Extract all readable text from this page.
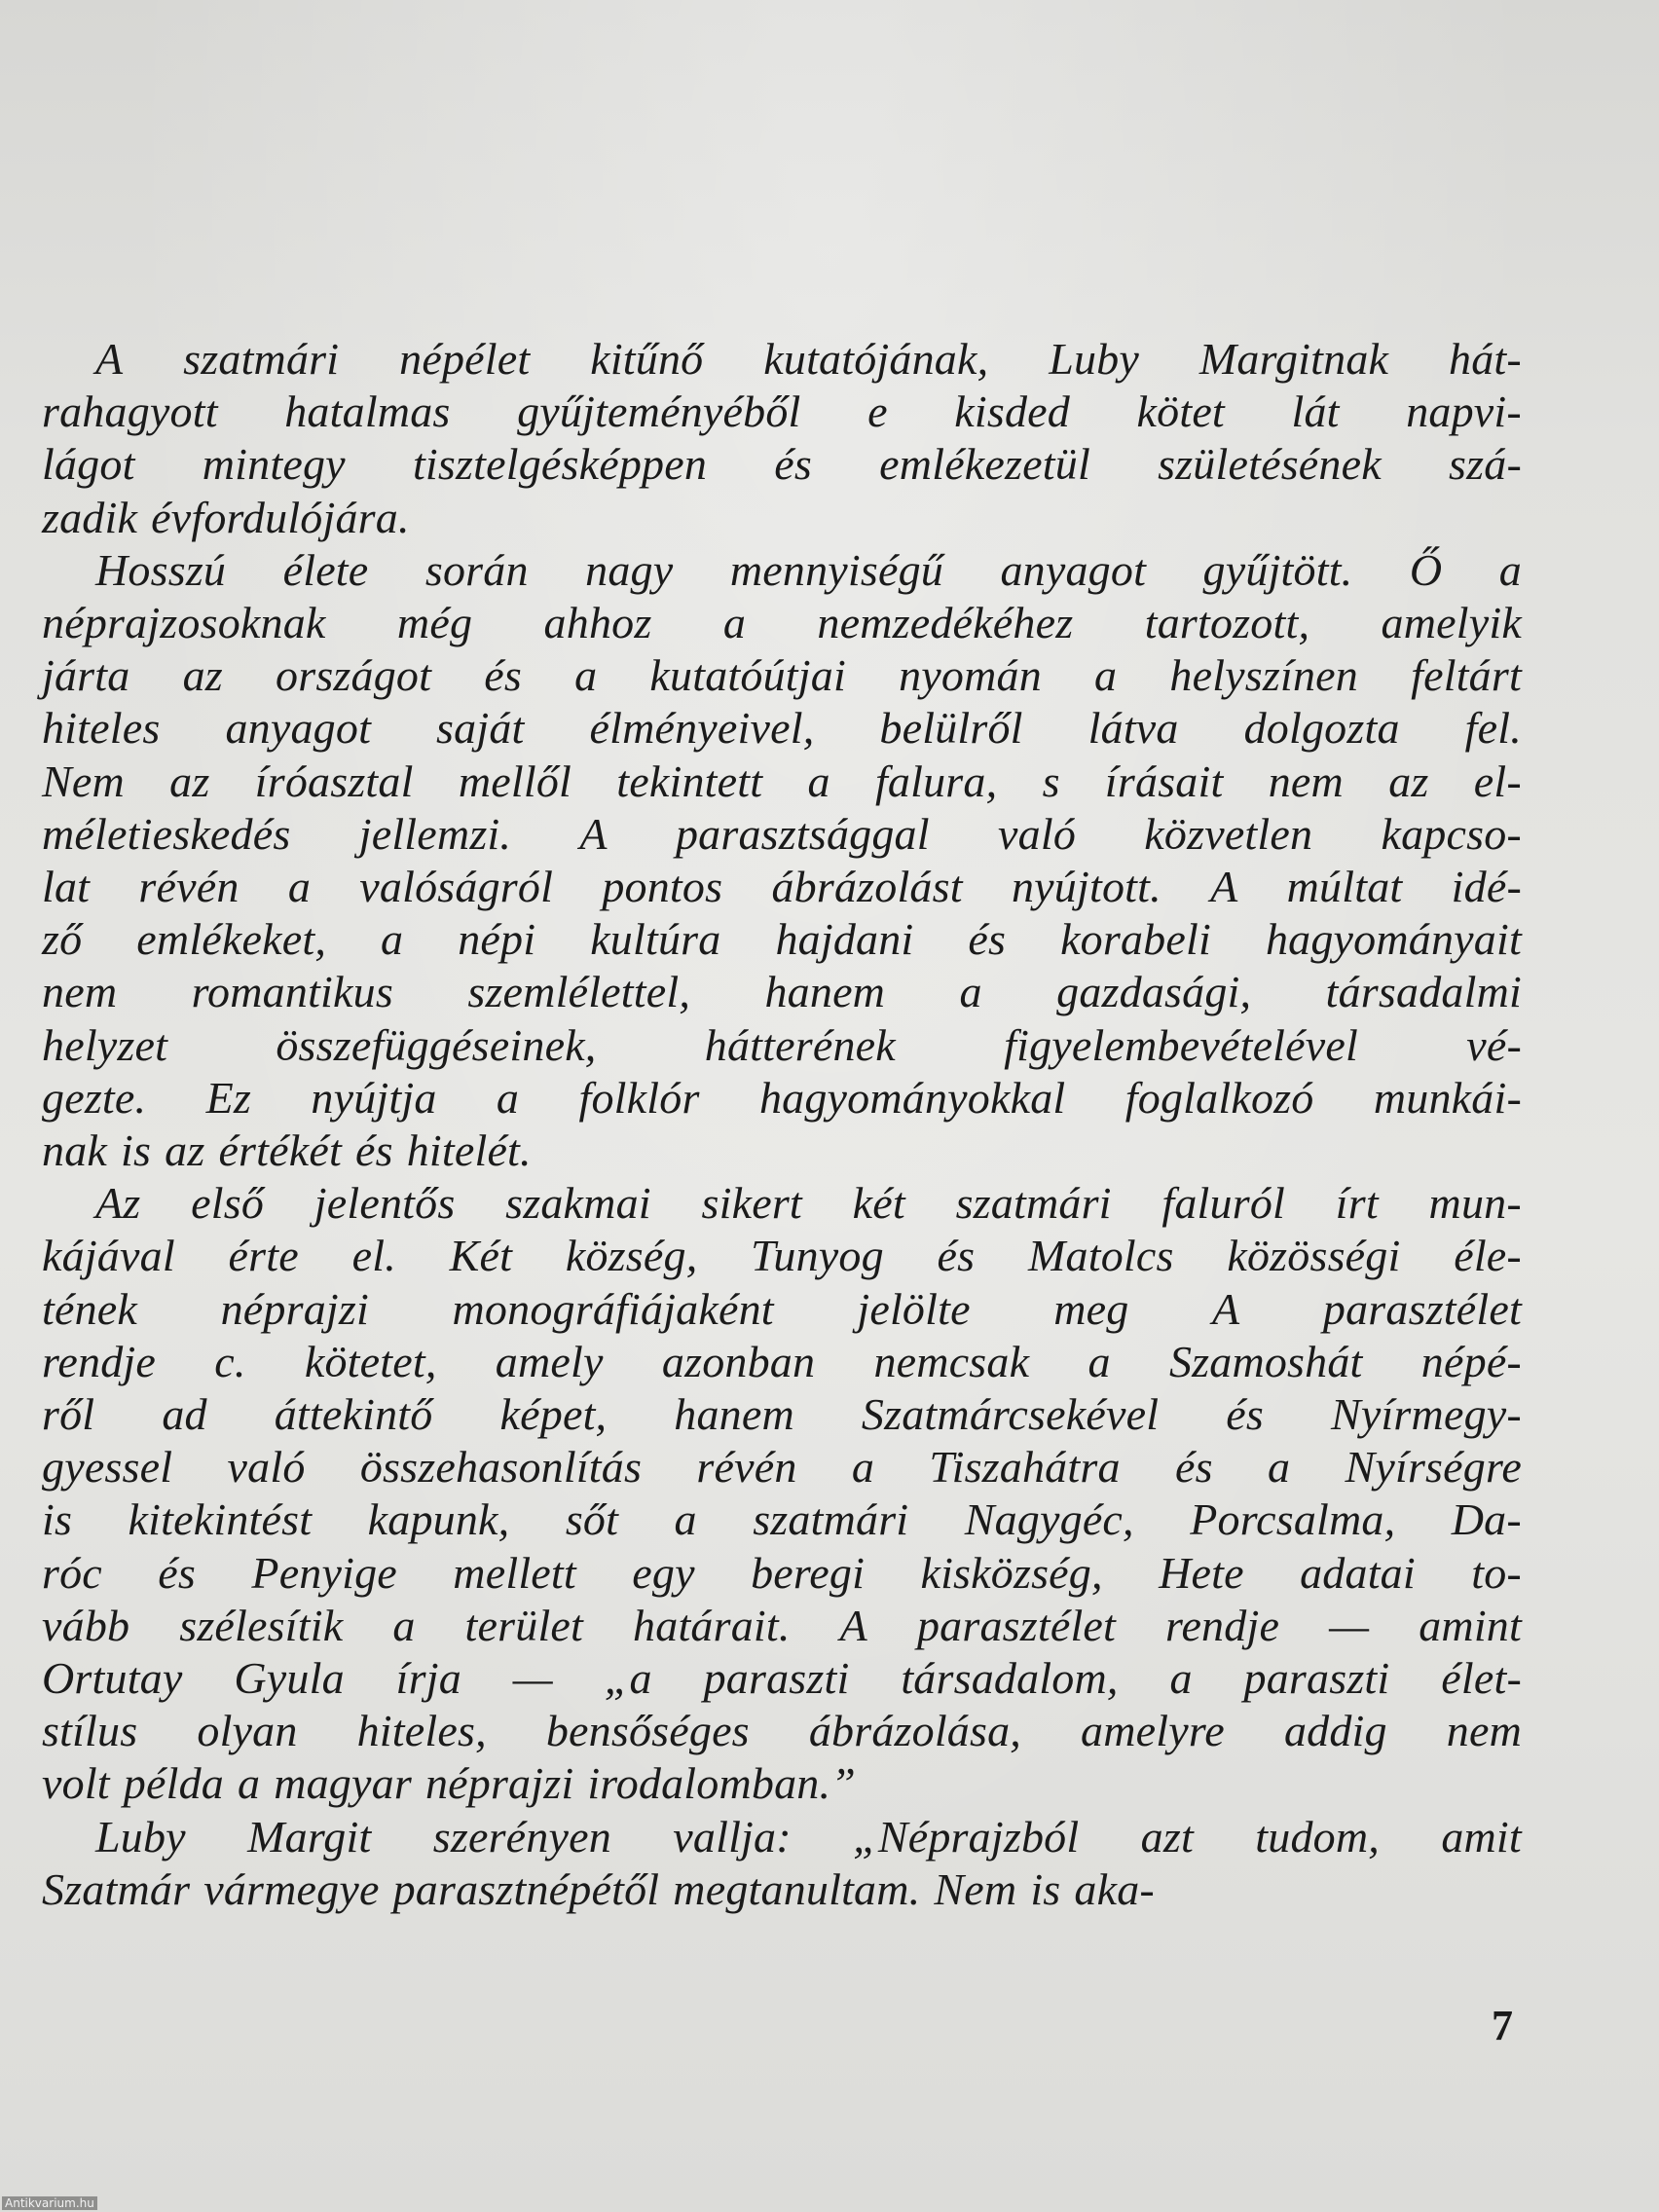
A szatmári népélet kitűnő kutatójának, Luby Margitnak hát-
rahagyott hatalmas gyűjteményéből e kisded kötet lát napvi-
lágot mintegy tisztelgésképpen és emlékezetül születésének szá-
zadik évfordulójára.
Hosszú élete során nagy mennyiségű anyagot gyűjtött. Ő a
néprajzosoknak még ahhoz a nemzedékéhez tartozott, amelyik
járta az országot és a kutatóútjai nyomán a helyszínen feltárt
hiteles anyagot saját élményeivel, belülről látva dolgozta fel.
Nem az íróasztal mellől tekintett a falura, s írásait nem az el-
méletieskedés jellemzi. A parasztsággal való közvetlen kapcso-
lat révén a valóságról pontos ábrázolást nyújtott. A múltat idé-
ző emlékeket, a népi kultúra hajdani és korabeli hagyományait
nem romantikus szemlélettel, hanem a gazdasági, társadalmi
helyzet összefüggéseinek, hátterének figyelembevételével vé-
gezte. Ez nyújtja a folklór hagyományokkal foglalkozó munkái-
nak is az értékét és hitelét.
Az első jelentős szakmai sikert két szatmári faluról írt mun-
kájával érte el. Két község, Tunyog és Matolcs közösségi éle-
tének néprajzi monográfiájaként jelölte meg A parasztélet
rendje c. kötetet, amely azonban nemcsak a Szamoshát népé-
ről ad áttekintő képet, hanem Szatmárcsekével és Nyírmegy-
gyessel való összehasonlítás révén a Tiszahátra és a Nyírségre
is kitekintést kapunk, sőt a szatmári Nagygéc, Porcsalma, Da-
róc és Penyige mellett egy beregi kisközség, Hete adatai to-
vább szélesítik a terület határait. A parasztélet rendje — amint
Ortutay Gyula írja — „a paraszti társadalom, a paraszti élet-
stílus olyan hiteles, bensőséges ábrázolása, amelyre addig nem
volt példa a magyar néprajzi irodalomban.”
Luby Margit szerényen vallja: „Néprajzból azt tudom, amit
Szatmár vármegye parasztnépétől megtanultam. Nem is aka-
7
Antikvarium.hu
